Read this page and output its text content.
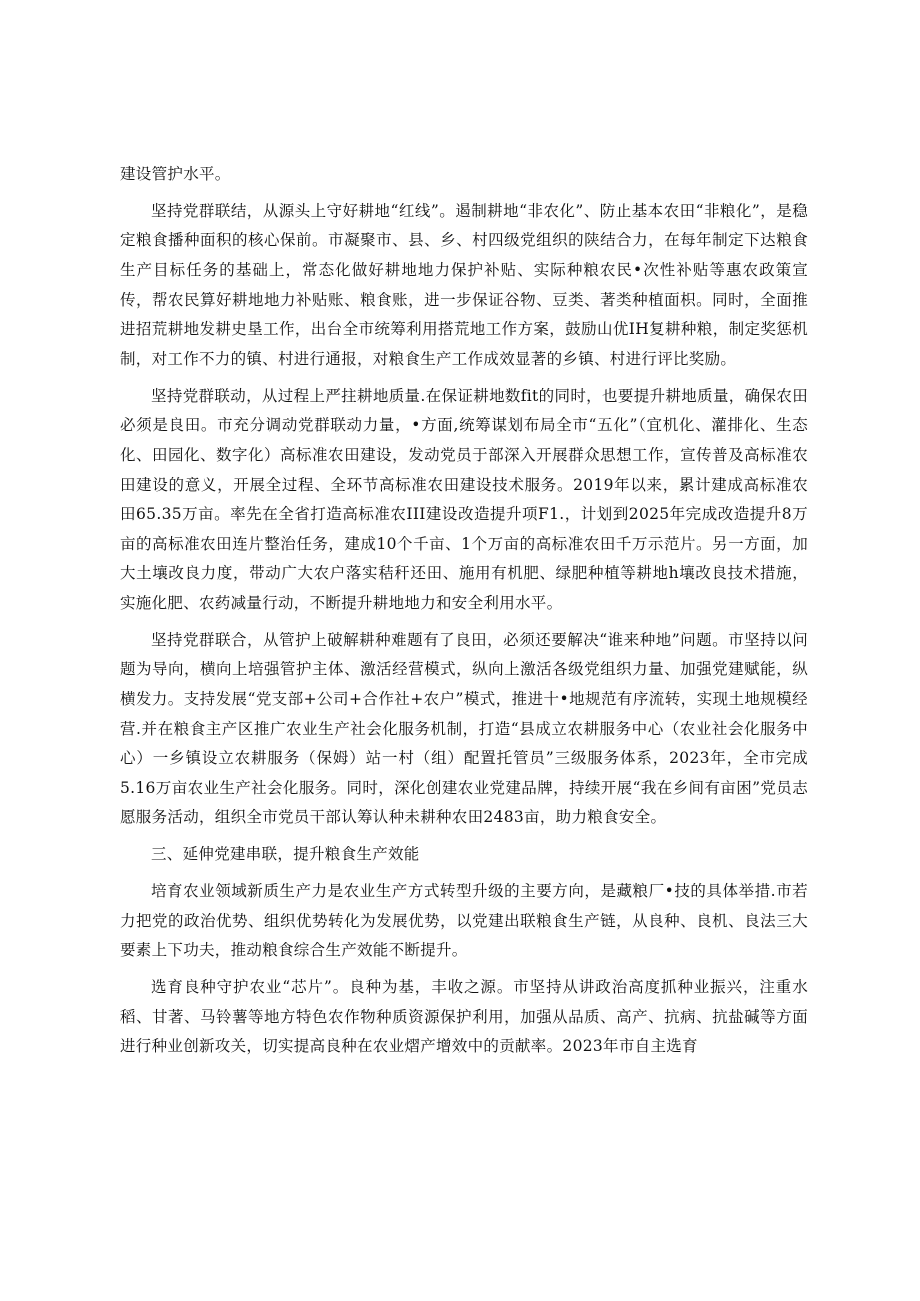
建设管护水平。

坚持党群联结，从源头上守好耕地“红线”。遏制耕地“非农化”、防止基本农田“非粮化”，是稳定粮食播种面积的核心保前。市凝聚市、县、乡、村四级党组织的陕结合力，在每年制定下达粮食生产目标任务的基础上，常态化做好耕地地力保护补贴、实际种粮农民•次性补贴等惠农政策宣传，帮农民算好耕地地力补贴账、粮食账，进一步保证谷物、豆类、著类种植面枳。同时，全面推进招荒耕地发耕史垦工作，出台全市统筹利用搭荒地工作方案，鼓励山优IH复耕种粮，制定奖惩机制，对工作不力的镇、村进行通报，对粮食生产工作成效显著的乡镇、村进行评比奖励。

坚持党群联动，从过程上严拄耕地质量.在保证耕地数fit的同时，也要提升耕地质量，确保农田必须是良田。市充分调动党群联动力量，•方面,统筹谋划布局全市“五化”（宜机化、灌排化、生态化、田园化、数字化）高标准农田建设，发动党员于部深入开展群众思想工作，宣传普及高标准农田建设的意义，开展全过程、全环节高标准农田建设技术服务。2019年以来，累计建成高标准农田65.35万亩。率先在全省打造高标准农III建设改造提升项F1.，计划到2025年完成改造提升8万亩的高标准农田连片整治任务，建成10个千亩、1个万亩的高标准农田千万示范片。另一方面，加大土壤改良力度，带动广大农户落实秸秆还田、施用有机肥、绿肥种植等耕地h壤改良技术措施，实施化肥、农药减量行动，不断提升耕地地力和安全利用水平。

坚持党群联合，从管护上破解耕种难题有了良田，必须还要解决“谁来种地”问题。市坚持以问题为导向，横向上培强管护主体、激活经营模式，纵向上激活各级党组织力量、加强党建赋能，纵横发力。支持发展“党支部+公司+合作社+农户”模式，推进十•地规范有序流转，实现土地规模经营.并在粮食主产区推广农业生产社会化服务机制，打造“县成立农耕服务中心（农业社会化服务中心）一乡镇设立农耕服务（保姆）站一村（组）配置托管员”三级服务体系，2023年，全市完成5.16万亩农业生产社会化服务。同时，深化创建农业党建品牌，持续开展“我在乡间有亩困”党员志愿服务活动，组织全市党员干部认筹认种未耕种农田2483亩，助力粮食安全。

三、延伸党建串联，提升粮食生产效能

培育农业领域新质生产力是农业生产方式转型升级的主要方向，是藏粮厂•技的具体举措.市若力把党的政治优势、组织优势转化为发展优势，以党建出联粮食生产链，从良种、良机、良法三大要素上下功夫，推动粮食综合生产效能不断提升。

选育良种守护农业“芯片”。良种为基，丰收之源。市坚持从讲政治高度抓种业振兴，注重水稻、甘著、马铃薯等地方特色农作物种质资源保护利用，加强从品质、高产、抗病、抗盐碱等方面进行种业创新攻关，切实提高良种在农业熠产增效中的贡献率。2023年市自主选育
